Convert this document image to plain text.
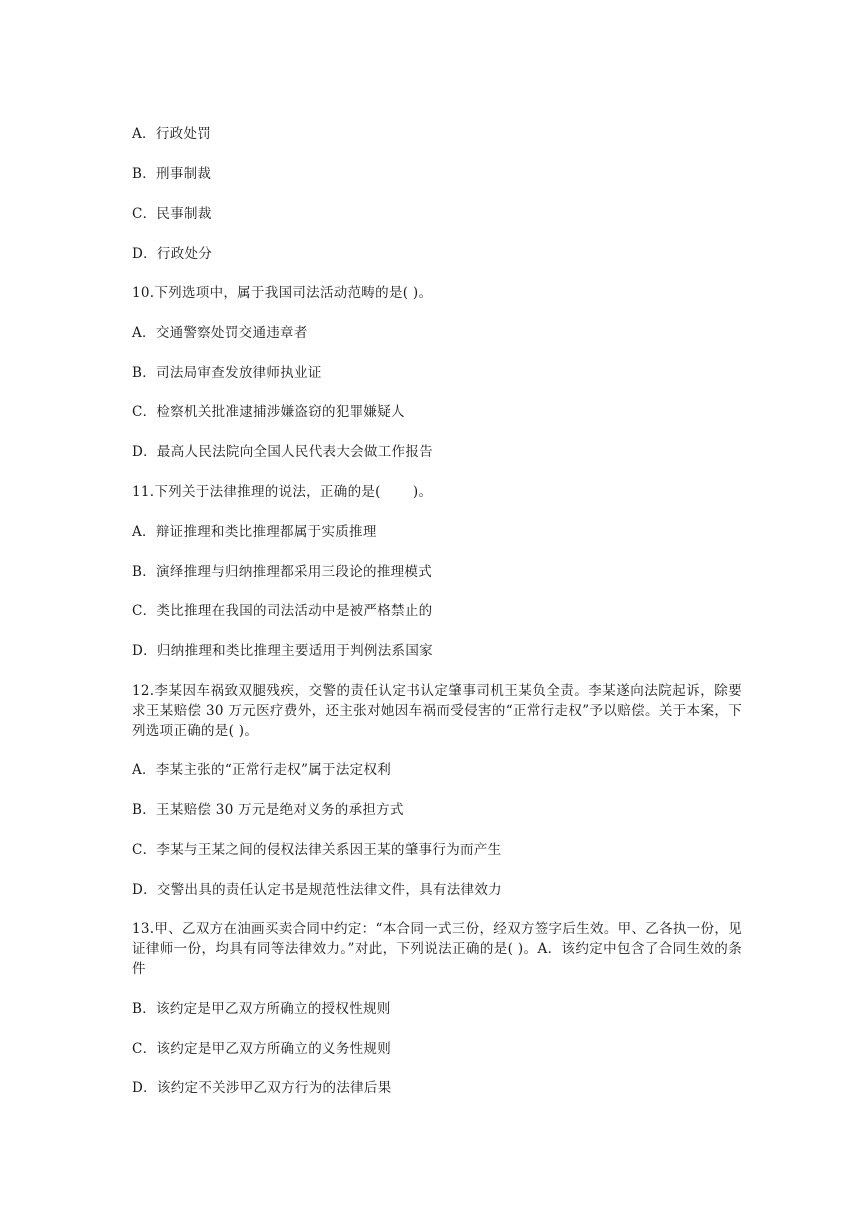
A．行政处罚
B．刑事制裁
C．民事制裁
D．行政处分
10.下列选项中，属于我国司法活动范畴的是( )。
A．交通警察处罚交通违章者
B．司法局审查发放律师执业证
C．检察机关批准逮捕涉嫌盗窃的犯罪嫌疑人
D．最高人民法院向全国人民代表大会做工作报告
11.下列关于法律推理的说法，正确的是(　　 )。
A．辩证推理和类比推理都属于实质推理
B．演绎推理与归纳推理都采用三段论的推理模式
C．类比推理在我国的司法活动中是被严格禁止的
D．归纳推理和类比推理主要适用于判例法系国家
12.李某因车祸致双腿残疾，交警的责任认定书认定肇事司机王某负全责。李某遂向法院起诉，除要求王某赔偿 30 万元医疗费外，还主张对她因车祸而受侵害的“正常行走权”予以赔偿。关于本案，下列选项正确的是( )。
A．李某主张的“正常行走权”属于法定权利
B．王某赔偿 30 万元是绝对义务的承担方式
C．李某与王某之间的侵权法律关系因王某的肇事行为而产生
D．交警出具的责任认定书是规范性法律文件，具有法律效力
13.甲、乙双方在油画买卖合同中约定：“本合同一式三份，经双方签字后生效。甲、乙各执一份，见证律师一份，均具有同等法律效力。”对此，下列说法正确的是( )。A．该约定中包含了合同生效的条件
B．该约定是甲乙双方所确立的授权性规则
C．该约定是甲乙双方所确立的义务性规则
D．该约定不关涉甲乙双方行为的法律后果
